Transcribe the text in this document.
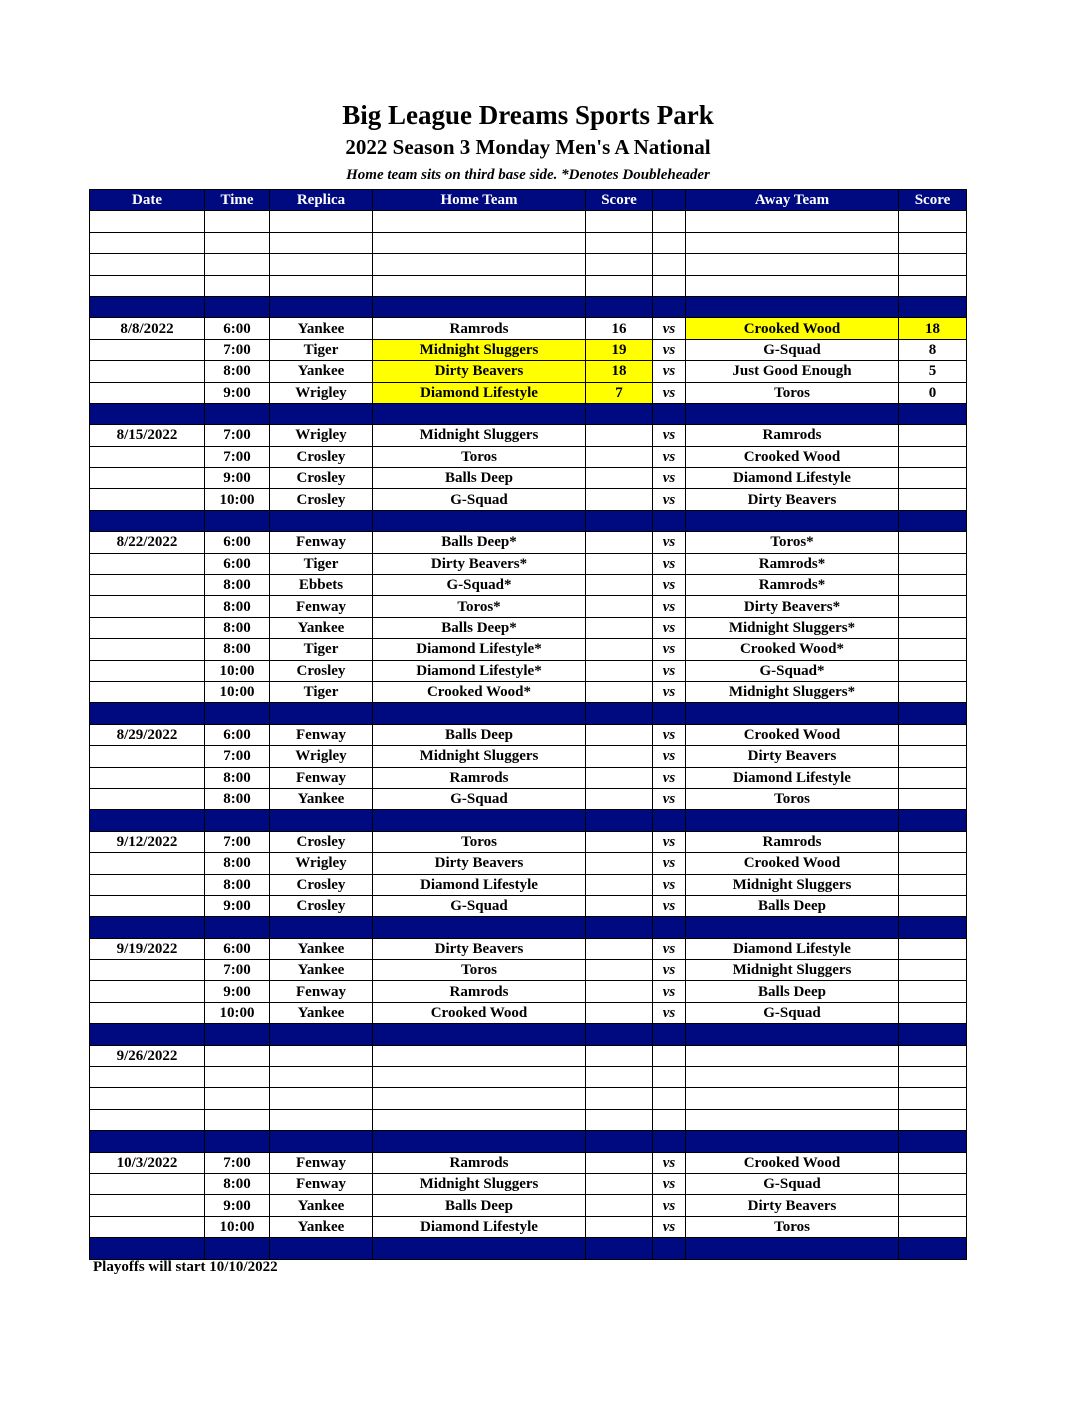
Big League Dreams Sports Park
2022 Season 3 Monday Men's A National
Home team sits on third base side. *Denotes Doubleheader
Date	Time	Replica	Home Team	Score		Away Team	Score

8/8/2022	6:00	Yankee	Ramrods	16	vs	Crooked Wood	18
	7:00	Tiger	Midnight Sluggers	19	vs	G-Squad	8
	8:00	Yankee	Dirty Beavers	18	vs	Just Good Enough	5
	9:00	Wrigley	Diamond Lifestyle	7	vs	Toros	0

8/15/2022	7:00	Wrigley	Midnight Sluggers		vs	Ramrods	
	7:00	Crosley	Toros		vs	Crooked Wood	
	9:00	Crosley	Balls Deep		vs	Diamond Lifestyle	
	10:00	Crosley	G-Squad		vs	Dirty Beavers	

8/22/2022	6:00	Fenway	Balls Deep*		vs	Toros*	
	6:00	Tiger	Dirty Beavers*		vs	Ramrods*	
	8:00	Ebbets	G-Squad*		vs	Ramrods*	
	8:00	Fenway	Toros*		vs	Dirty Beavers*	
	8:00	Yankee	Balls Deep*		vs	Midnight Sluggers*	
	8:00	Tiger	Diamond Lifestyle*		vs	Crooked Wood*	
	10:00	Crosley	Diamond Lifestyle*		vs	G-Squad*	
	10:00	Tiger	Crooked Wood*		vs	Midnight Sluggers*	

8/29/2022	6:00	Fenway	Balls Deep		vs	Crooked Wood	
	7:00	Wrigley	Midnight Sluggers		vs	Dirty Beavers	
	8:00	Fenway	Ramrods		vs	Diamond Lifestyle	
	8:00	Yankee	G-Squad		vs	Toros	

9/12/2022	7:00	Crosley	Toros		vs	Ramrods	
	8:00	Wrigley	Dirty Beavers		vs	Crooked Wood	
	8:00	Crosley	Diamond Lifestyle		vs	Midnight Sluggers	
	9:00	Crosley	G-Squad		vs	Balls Deep	

9/19/2022	6:00	Yankee	Dirty Beavers		vs	Diamond Lifestyle	
	7:00	Yankee	Toros		vs	Midnight Sluggers	
	9:00	Fenway	Ramrods		vs	Balls Deep	
	10:00	Yankee	Crooked Wood		vs	G-Squad	

9/26/2022							

10/3/2022	7:00	Fenway	Ramrods		vs	Crooked Wood	
	8:00	Fenway	Midnight Sluggers		vs	G-Squad	
	9:00	Yankee	Balls Deep		vs	Dirty Beavers	
	10:00	Yankee	Diamond Lifestyle		vs	Toros	

Playoffs will start 10/10/2022
